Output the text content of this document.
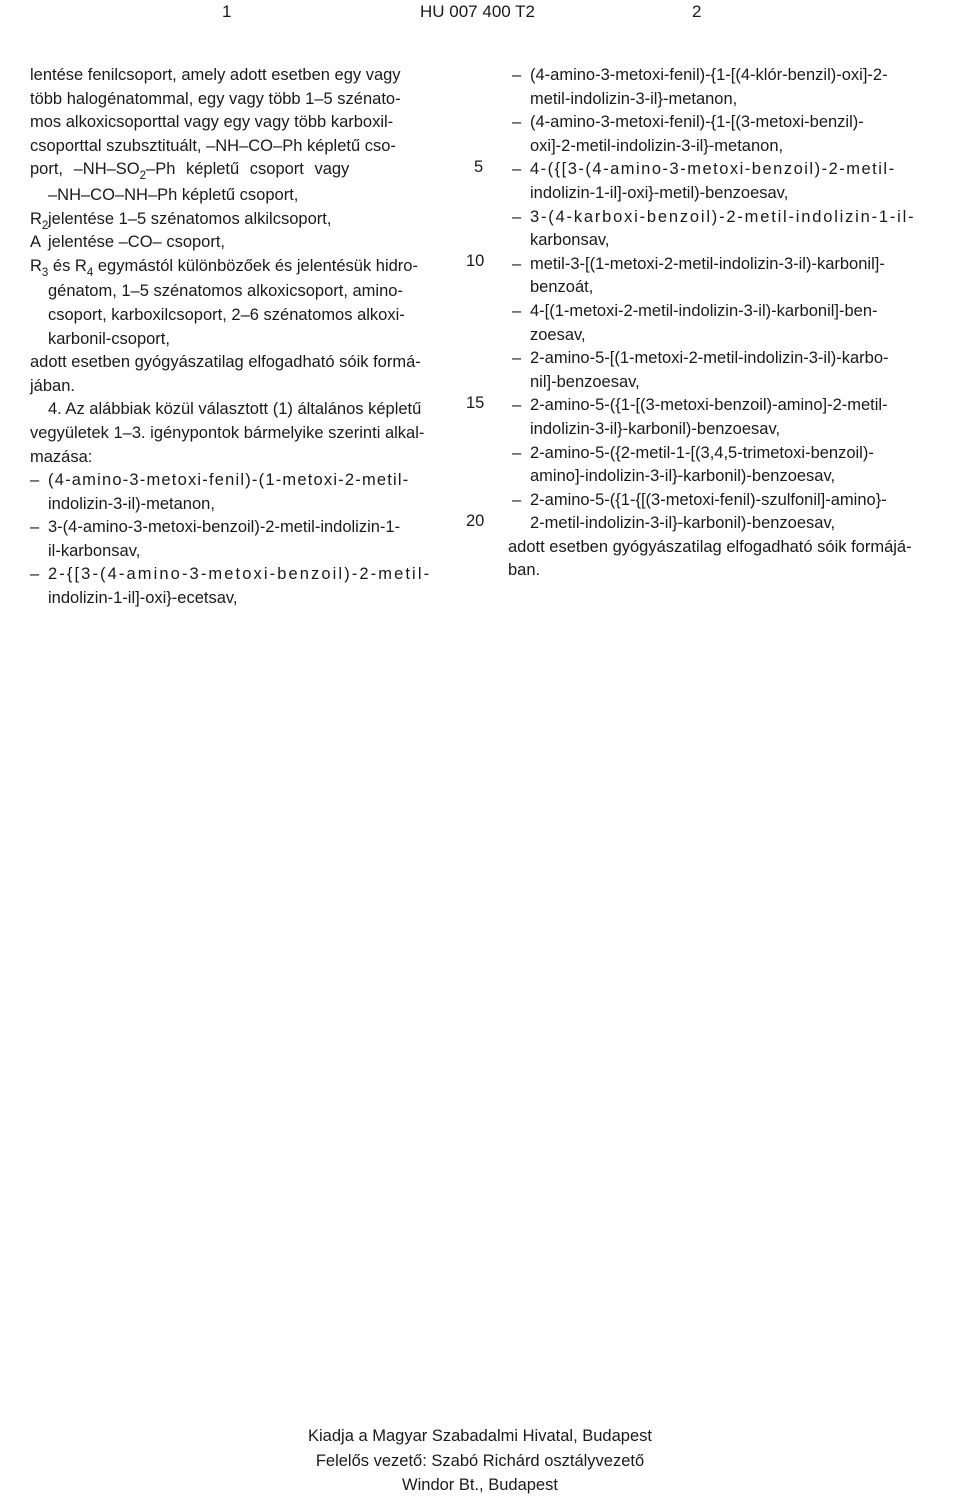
1	HU 007 400 T2	2
lentése fenilcsoport, amely adott esetben egy vagy
több halogénatommal, egy vagy több 1–5 szénato-
mos alkoxicsoporttal vagy egy vagy több karboxil-
csoporttal szubsztituált, –NH–CO–Ph képletű cso-
port, $-NH-SO_2-Ph$ képletű csoport vagy
–NH–CO–NH–Ph képletű csoport,
$R_2$ jelentése 1–5 szénatomos alkilcsoport,
A jelentése –CO– csoport,
$R_3$ és $R_4$ egymástól különbözőek és jelentésük hidro-
génatom, 1–5 szénatomos alkoxicsoport, amino-
csoport, karboxilcsoport, 2–6 szénatomos alkoxi-
karbonil-csoport,
adott esetben gyógyászatilag elfogadható sóik formá-
jában.
4. Az alábbiak közül választott (1) általános képletű
vegyületek 1–3. igénypontok bármelyike szerinti alkal-
mazása:
– (4-amino-3-metoxi-fenil)-(1-metoxi-2-metil-
indolizin-3-il)-metanon,
– 3-(4-amino-3-metoxi-benzoil)-2-metil-indolizin-1-
il-karbonsav,
– 2-{[3-(4-amino-3-metoxi-benzoil)-2-metil-
indolizin-1-il]-oxi}-ecetsav,
5
10
15
20
– (4-amino-3-metoxi-fenil)-{1-[(4-klór-benzil)-oxi]-2-
metil-indolizin-3-il}-metanon,
– (4-amino-3-metoxi-fenil)-{1-[(3-metoxi-benzil)-
oxi]-2-metil-indolizin-3-il}-metanon,
– 4-({[3-(4-amino-3-metoxi-benzoil)-2-metil-
indolizin-1-il]-oxi}-metil)-benzoesav,
– 3-(4-karboxi-benzoil)-2-metil-indolizin-1-il-
karbonsav,
– metil-3-[(1-metoxi-2-metil-indolizin-3-il)-karbonil]-
benzoát,
– 4-[(1-metoxi-2-metil-indolizin-3-il)-karbonil]-ben-
zoesav,
– 2-amino-5-[(1-metoxi-2-metil-indolizin-3-il)-karbo-
nil]-benzoesav,
– 2-amino-5-({1-[(3-metoxi-benzoil)-amino]-2-metil-
indolizin-3-il}-karbonil)-benzoesav,
– 2-amino-5-({2-metil-1-[(3,4,5-trimetoxi-benzoil)-
amino]-indolizin-3-il}-karbonil)-benzoesav,
– 2-amino-5-({1-{[(3-metoxi-fenil)-szulfonil]-amino}-
2-metil-indolizin-3-il}-karbonil)-benzoesav,
adott esetben gyógyászatilag elfogadható sóik formájá-
ban.
Kiadja a Magyar Szabadalmi Hivatal, Budapest
Felelős vezető: Szabó Richárd osztályvezető
Windor Bt., Budapest
